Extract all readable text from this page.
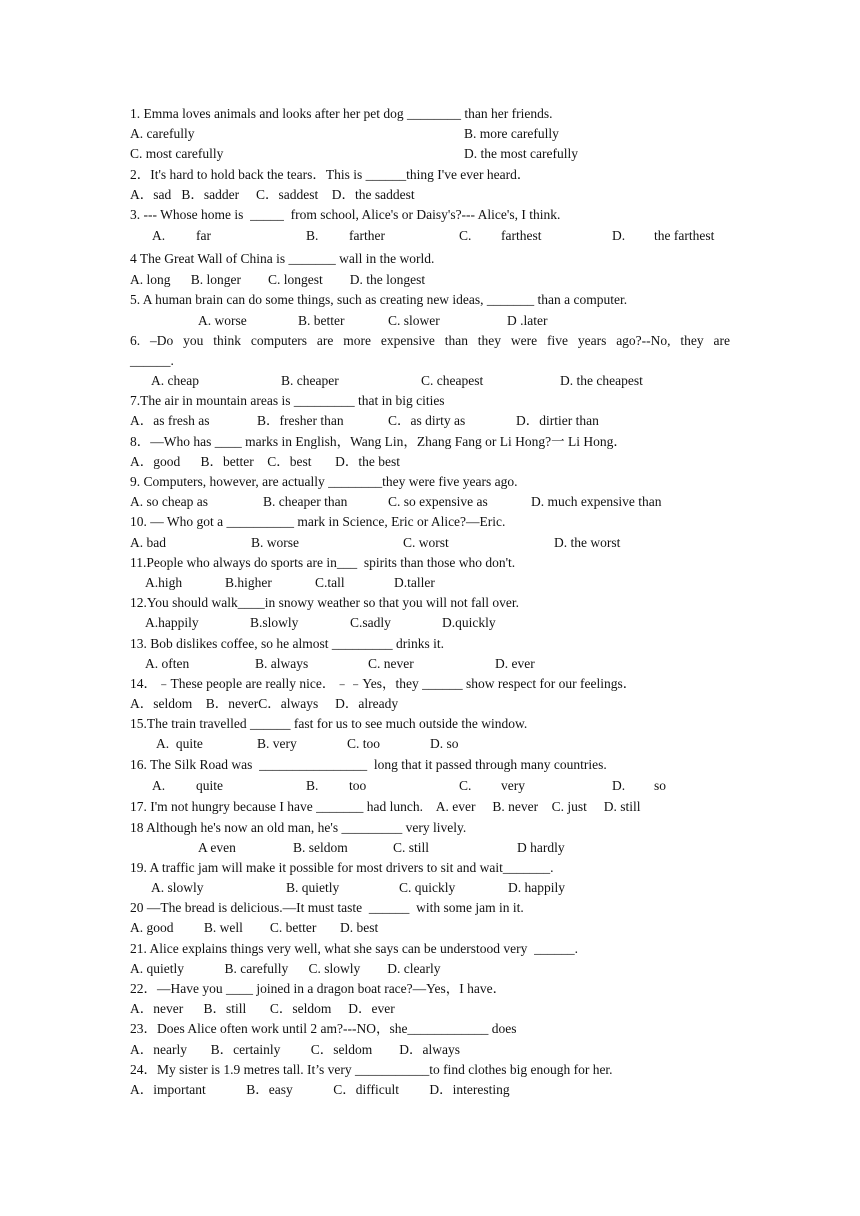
1. Emma loves animals and looks after her pet dog ________ than her friends.
A. carefully	B. more carefully
C. most carefully	D. the most carefully
2．It's hard to hold back the tears．This is ______thing I've ever heard．
A．sad   B．sadder     C．saddest    D．the saddest
3. --- Whose home is  _____  from school, Alice's or Daisy's?--- Alice's, I think.
A. far	B. farther	C. farthest	D. the farthest
4 The Great Wall of China is _______ wall in the world.
A. long      B. longer        C. longest        D. the longest
5. A human brain can do some things, such as creating new ideas, _______ than a computer.
A. worse	B. better	C. slower	D .later
6. –Do you think computers are more expensive than they were five years ago?--No, they are
______.
A. cheap	B. cheaper	C. cheapest	D. the cheapest
7.The air in mountain areas is _________ that in big cities
A．as fresh as	B．fresher than	C．as dirty as	D．dirtier than
8．—Who has ____ marks in English，Wang Lin，Zhang Fang or Li Hong?一 Li Hong．
A．good      B．better    C．best       D．the best
9. Computers, however, are actually ________they were five years ago.
A. so cheap as	B. cheaper than	C. so expensive as	D. much expensive than
10. — Who got a __________ mark in Science, Eric or Alice?—Eric.
A. bad	B. worse	C. worst	D. the worst
11.People who always do sports are in___  spirits than those who don't.
A.high	B.higher	C.tall	D.taller
12.You should walk____in snowy weather so that you will not fall over.
A.happily	B.slowly	C.sadly	D.quickly
13. Bob dislikes coffee, so he almost _________ drinks it.
A. often	B. always	C. never	D. ever
14．﹣These people are really nice．﹣﹣Yes，they ______ show respect for our feelings．
A．seldom    B．neverC．always     D．already
15.The train travelled ______ fast for us to see much outside the window.
A.  quite	B. very	C. too	D. so
16. The Silk Road was  ________________  long that it passed through many countries.
A. quite	B. too	C. very	D. so
17. I'm not hungry because I have _______ had lunch.    A. ever     B. never    C. just     D. still
18 Although he's now an old man, he's _________ very lively.
A even	B. seldom	C. still	D hardly
19. A traffic jam will make it possible for most drivers to sit and wait_______.
A. slowly	B. quietly	C. quickly	D. happily
20 —The bread is delicious.—It must taste  ______  with some jam in it.
A. good         B. well        C. better       D. best
21. Alice explains things very well, what she says can be understood very  ______.
A. quietly            B. carefully      C. slowly        D. clearly
22．—Have you ____ joined in a dragon boat race?—Yes，I have．
A．never      B．still       C．seldom     D．ever
23．Does Alice often work until 2 am?---NO，she____________ does
A．nearly       B．certainly         C．seldom        D．always
24．My sister is 1.9 metres tall. It’s very ___________to find clothes big enough for her.
A．important            B．easy            C．difficult         D．interesting
